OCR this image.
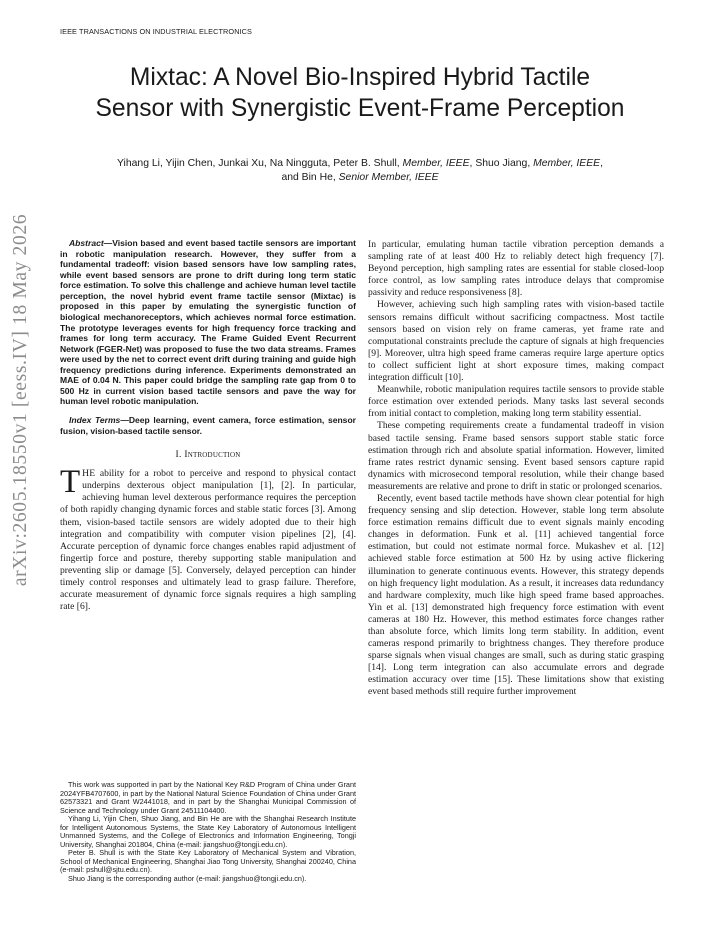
IEEE TRANSACTIONS ON INDUSTRIAL ELECTRONICS
Mixtac: A Novel Bio-Inspired Hybrid Tactile
Sensor with Synergistic Event-Frame Perception
Yihang Li, Yijin Chen, Junkai Xu, Na Ningguta, Peter B. Shull, Member, IEEE, Shuo Jiang, Member, IEEE,
and Bin He, Senior Member, IEEE
arXiv:2605.18550v1 [eess.IV] 18 May 2026	Abstract—Vision based and event based tactile sensors are important in robotic manipulation research. However, they suffer from a fundamental tradeoff: vision based sensors have low sampling rates, while event based sensors are prone to drift during long term static force estimation. To solve this challenge and achieve human level tactile perception, the novel hybrid event frame tactile sensor (Mixtac) is proposed in this paper by emulating the synergistic function of biological mechanoreceptors, which achieves normal force estimation. The prototype leverages events for high frequency force tracking and frames for long term accuracy. The Frame Guided Event Recurrent Network (FGER-Net) was proposed to fuse the two data streams. Frames were used by the net to correct event drift during training and guide high frequency predictions during inference. Experiments demonstrated an MAE of 0.04 N. This paper could bridge the sampling rate gap from 0 to 500 Hz in current vision based tactile sensors and pave the way for human level robotic manipulation.

Index Terms—Deep learning, event camera, force estimation, sensor fusion, vision-based tactile sensor.

I. Introduction

THE ability for a robot to perceive and respond to physical contact underpins dexterous object manipulation [1], [2]. In particular, achieving human level dexterous performance requires the perception of both rapidly changing dynamic forces and stable static forces [3]. Among them, vision-based tactile sensors are widely adopted due to their high integration and compatibility with computer vision pipelines [2], [4]. Accurate perception of dynamic force changes enables rapid adjustment of fingertip force and posture, thereby supporting stable manipulation and preventing slip or damage [5]. Conversely, delayed perception can hinder timely control responses and ultimately lead to grasp failure. Therefore, accurate measurement of dynamic force signals requires a high sampling rate [6].

This work was supported in part by the National Key R&D Program of China under Grant 2024YFB4707600, in part by the National Natural Science Foundation of China under Grant 62573321 and Grant W2441018, and in part by the Shanghai Municipal Commission of Science and Technology under Grant 24511104400.

Yihang Li, Yijin Chen, Shuo Jiang, and Bin He are with the Shanghai Research Institute for Intelligent Autonomous Systems, the State Key Laboratory of Autonomous Intelligent Unmanned Systems, and the College of Electronics and Information Engineering, Tongji University, Shanghai 201804, China (e-mail: jiangshuo@tongji.edu.cn).

Peter B. Shull is with the State Key Laboratory of Mechanical System and Vibration, School of Mechanical Engineering, Shanghai Jiao Tong University, Shanghai 200240, China (e-mail: pshull@sjtu.edu.cn).

Shuo Jiang is the corresponding author (e-mail: jiangshuo@tongji.edu.cn).

In particular, emulating human tactile vibration perception demands a sampling rate of at least 400 Hz to reliably detect high frequency [7]. Beyond perception, high sampling rates are essential for stable closed-loop force control, as low sampling rates introduce delays that compromise passivity and reduce responsiveness [8].

However, achieving such high sampling rates with vision-based tactile sensors remains difficult without sacrificing compactness. Most tactile sensors based on vision rely on frame cameras, yet frame rate and computational constraints preclude the capture of signals at high frequencies [9]. Moreover, ultra high speed frame cameras require large aperture optics to collect sufficient light at short exposure times, making compact integration difficult [10].

Meanwhile, robotic manipulation requires tactile sensors to provide stable force estimation over extended periods. Many tasks last several seconds from initial contact to completion, making long term stability essential.

These competing requirements create a fundamental tradeoff in vision based tactile sensing. Frame based sensors support stable static force estimation through rich and absolute spatial information. However, limited frame rates restrict dynamic sensing. Event based sensors capture rapid dynamics with microsecond temporal resolution, while their change based measurements are relative and prone to drift in static or prolonged scenarios.

Recently, event based tactile methods have shown clear potential for high frequency sensing and slip detection. However, stable long term absolute force estimation remains difficult due to event signals mainly encoding changes in deformation. Funk et al. [11] achieved tangential force estimation, but could not estimate normal force. Mukashev et al. [12] achieved stable force estimation at 500 Hz by using active flickering illumination to generate continuous events. However, this strategy depends on high frequency light modulation. As a result, it increases data redundancy and hardware complexity, much like high speed frame based approaches. Yin et al. [13] demonstrated high frequency force estimation with event cameras at 180 Hz. However, this method estimates force changes rather than absolute force, which limits long term stability. In addition, event cameras respond primarily to brightness changes. They therefore produce sparse signals when visual changes are small, such as during static grasping [14]. Long term integration can also accumulate errors and degrade estimation accuracy over time [15]. These limitations show that existing event based methods still require further improvement
